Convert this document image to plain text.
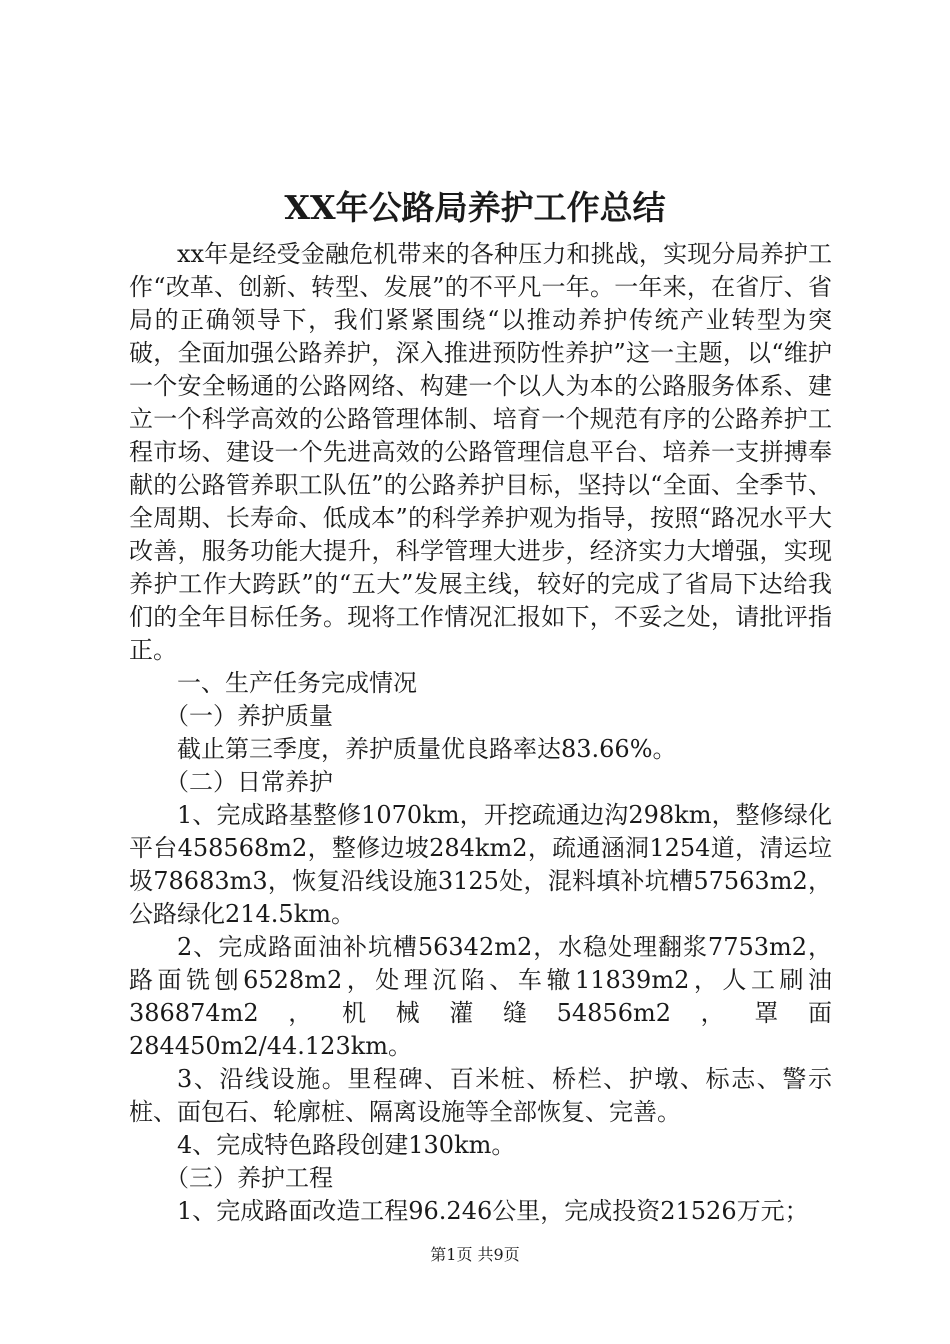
XX年公路局养护工作总结

xx年是经受金融危机带来的各种压力和挑战，实现分局养护工作“改革、创新、转型、发展”的不平凡一年。一年来，在省厅、省局的正确领导下，我们紧紧围绕“以推动养护传统产业转型为突破，全面加强公路养护，深入推进预防性养护”这一主题，以“维护一个安全畅通的公路网络、构建一个以人为本的公路服务体系、建立一个科学高效的公路管理体制、培育一个规范有序的公路养护工程市场、建设一个先进高效的公路管理信息平台、培养一支拼搏奉献的公路管养职工队伍”的公路养护目标，坚持以“全面、全季节、全周期、长寿命、低成本”的科学养护观为指导，按照“路况水平大改善，服务功能大提升，科学管理大进步，经济实力大增强，实现养护工作大跨跃”的“五大”发展主线，较好的完成了省局下达给我们的全年目标任务。现将工作情况汇报如下，不妥之处，请批评指正。

一、生产任务完成情况

（一）养护质量

截止第三季度，养护质量优良路率达83.66%。

（二）日常养护

1、完成路基整修1070km，开挖疏通边沟298km，整修绿化平台458568m2，整修边坡284km2，疏通涵洞1254道，清运垃圾78683m3，恢复沿线设施3125处，混料填补坑槽57563m2，公路绿化214.5km。

2、完成路面油补坑槽56342m2，水稳处理翻浆7753m2，路面铣刨6528m2，处理沉陷、车辙11839m2，人工刷油386874m2，机械灌缝54856m2，罩面284450m2/44.123km。

3、沿线设施。里程碑、百米桩、桥栏、护墩、标志、警示桩、面包石、轮廓桩、隔离设施等全部恢复、完善。

4、完成特色路段创建130km。

（三）养护工程

1、完成路面改造工程96.246公里，完成投资21526万元；

第1页 共9页
